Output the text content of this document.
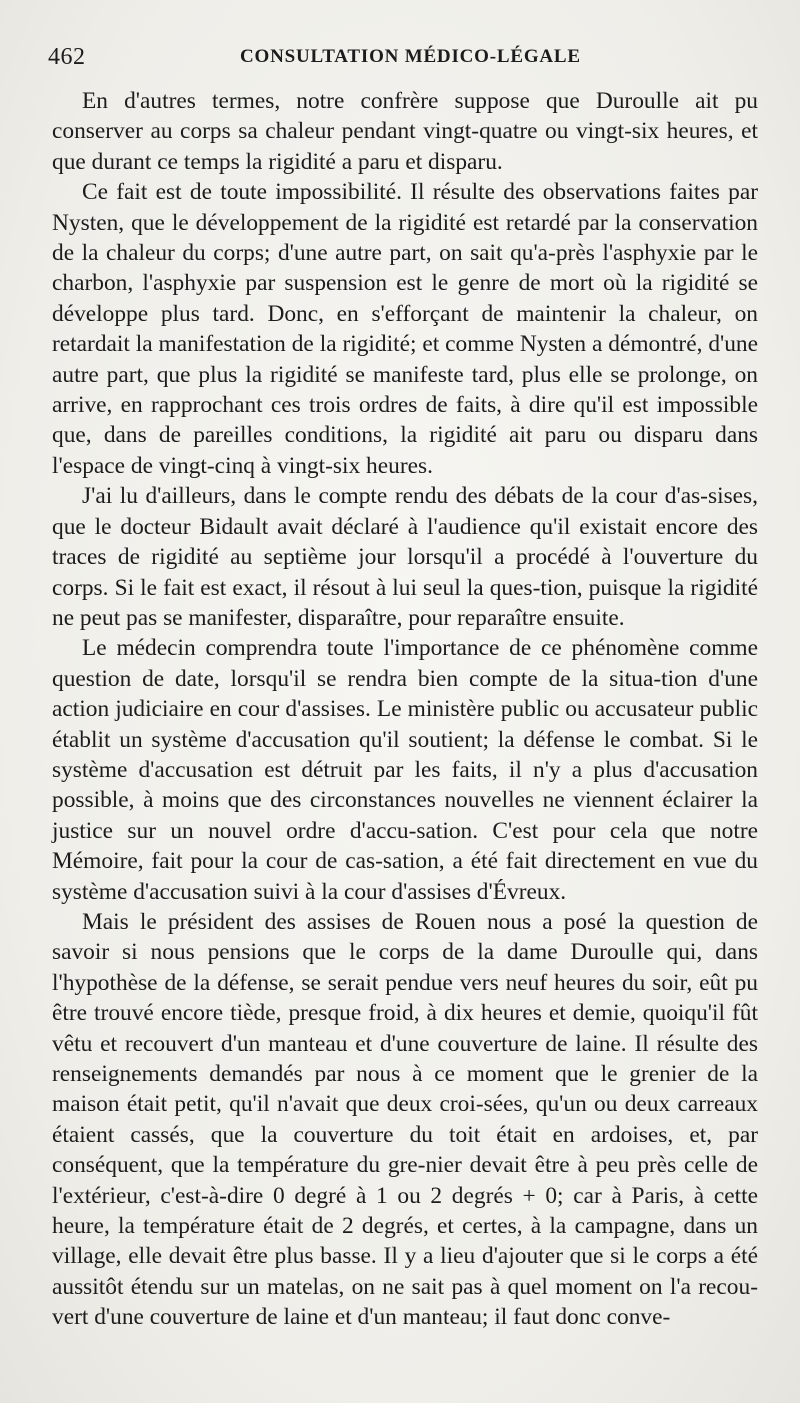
462	CONSULTATION MÉDICO-LÉGALE

En d'autres termes, notre confrère suppose que Duroulle ait pu conserver au corps sa chaleur pendant vingt-quatre ou vingt-six heures, et que durant ce temps la rigidité a paru et disparu.

Ce fait est de toute impossibilité. Il résulte des observations faites par Nysten, que le développement de la rigidité est retardé par la conservation de la chaleur du corps; d'une autre part, on sait qu'a-près l'asphyxie par le charbon, l'asphyxie par suspension est le genre de mort où la rigidité se développe plus tard. Donc, en s'efforçant de maintenir la chaleur, on retardait la manifestation de la rigidité; et comme Nysten a démontré, d'une autre part, que plus la rigidité se manifeste tard, plus elle se prolonge, on arrive, en rapprochant ces trois ordres de faits, à dire qu'il est impossible que, dans de pareilles conditions, la rigidité ait paru ou disparu dans l'espace de vingt-cinq à vingt-six heures.

J'ai lu d'ailleurs, dans le compte rendu des débats de la cour d'as-sises, que le docteur Bidault avait déclaré à l'audience qu'il existait encore des traces de rigidité au septième jour lorsqu'il a procédé à l'ouverture du corps. Si le fait est exact, il résout à lui seul la ques-tion, puisque la rigidité ne peut pas se manifester, disparaître, pour reparaître ensuite.

Le médecin comprendra toute l'importance de ce phénomène comme question de date, lorsqu'il se rendra bien compte de la situa-tion d'une action judiciaire en cour d'assises. Le ministère public ou accusateur public établit un système d'accusation qu'il soutient; la défense le combat. Si le système d'accusation est détruit par les faits, il n'y a plus d'accusation possible, à moins que des circonstances nouvelles ne viennent éclairer la justice sur un nouvel ordre d'accu-sation. C'est pour cela que notre Mémoire, fait pour la cour de cas-sation, a été fait directement en vue du système d'accusation suivi à la cour d'assises d'Évreux.

Mais le président des assises de Rouen nous a posé la question de savoir si nous pensions que le corps de la dame Duroulle qui, dans l'hypothèse de la défense, se serait pendue vers neuf heures du soir, eût pu être trouvé encore tiède, presque froid, à dix heures et demie, quoiqu'il fût vêtu et recouvert d'un manteau et d'une couverture de laine. Il résulte des renseignements demandés par nous à ce moment que le grenier de la maison était petit, qu'il n'avait que deux croi-sées, qu'un ou deux carreaux étaient cassés, que la couverture du toit était en ardoises, et, par conséquent, que la température du gre-nier devait être à peu près celle de l'extérieur, c'est-à-dire 0 degré à 1 ou 2 degrés + 0; car à Paris, à cette heure, la température était de 2 degrés, et certes, à la campagne, dans un village, elle devait être plus basse. Il y a lieu d'ajouter que si le corps a été aussitôt étendu sur un matelas, on ne sait pas à quel moment on l'a recou-vert d'une couverture de laine et d'un manteau; il faut donc conve-
